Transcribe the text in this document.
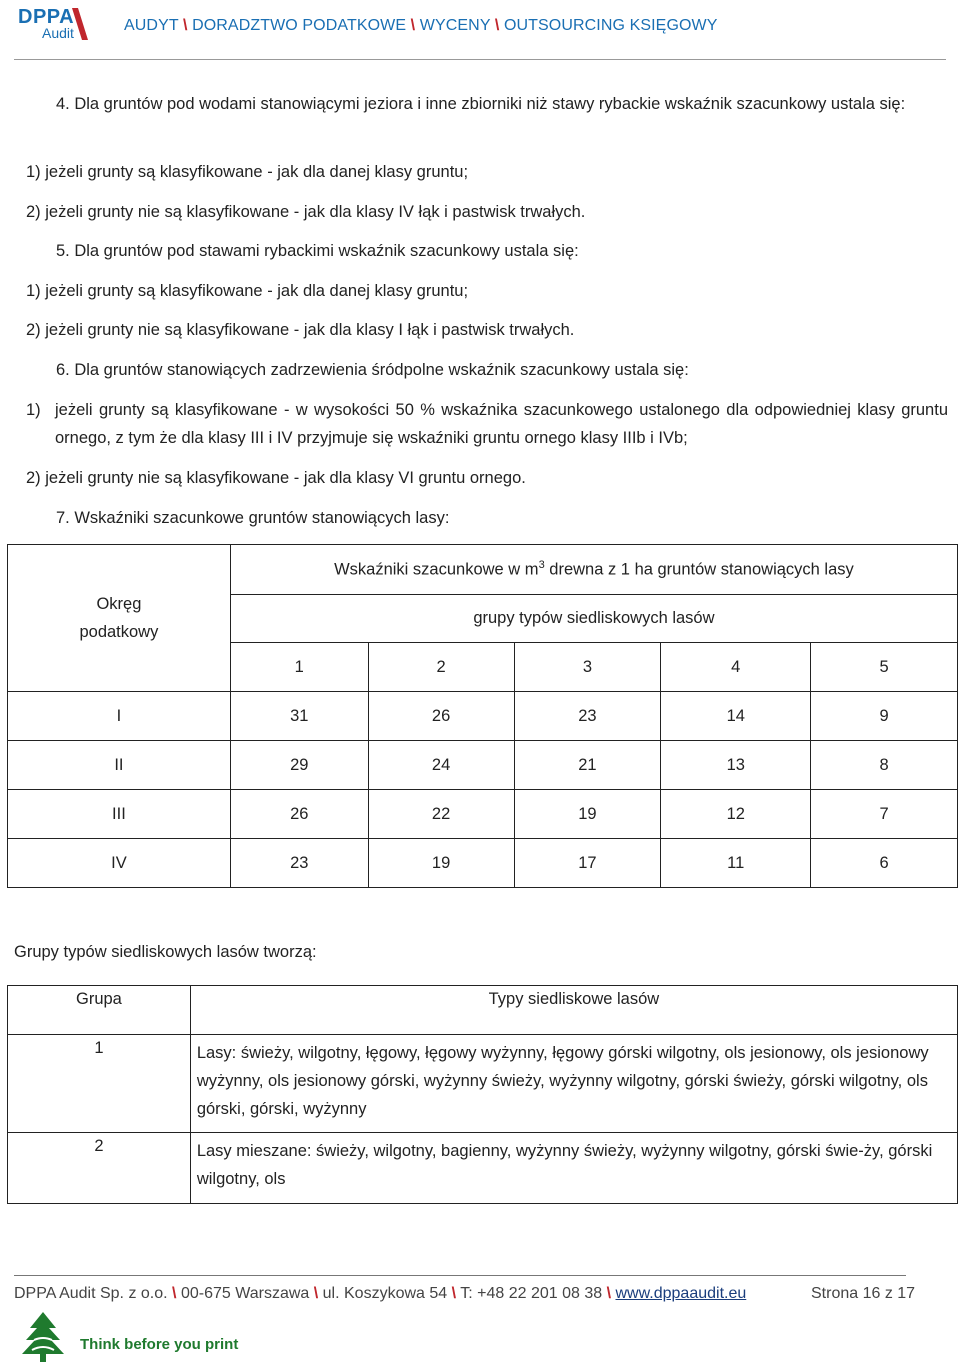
DPPA
Audit	AUDYT \ DORADZTWO PODATKOWE \ WYCENY \ OUTSOURCING KSIĘGOWY
4. Dla gruntów pod wodami stanowiącymi jeziora i inne zbiorniki niż stawy rybackie wskaźnik szacunkowy ustala się:
1) jeżeli grunty są klasyfikowane - jak dla danej klasy gruntu;
2) jeżeli grunty nie są klasyfikowane - jak dla klasy IV łąk i pastwisk trwałych.
5. Dla gruntów pod stawami rybackimi wskaźnik szacunkowy ustala się:
1) jeżeli grunty są klasyfikowane - jak dla danej klasy gruntu;
2) jeżeli grunty nie są klasyfikowane - jak dla klasy I łąk i pastwisk trwałych.
6. Dla gruntów stanowiących zadrzewienia śródpolne wskaźnik szacunkowy ustala się:
1) jeżeli grunty są klasyfikowane - w wysokości 50 % wskaźnika szacunkowego ustalonego dla odpowiedniej klasy gruntu ornego, z tym że dla klasy III i IV przyjmuje się wskaźniki gruntu ornego klasy IIIb i IVb;
2) jeżeli grunty nie są klasyfikowane - jak dla klasy VI gruntu ornego.
7. Wskaźniki szacunkowe gruntów stanowiących lasy:
Okręg podatkowy	Wskaźniki szacunkowe w $m^3$ drewna z 1 ha gruntów stanowiących lasy				
	grupy typów siedliskowych lasów				
	1	2	3	4	5
I	31	26	23	14	9
II	29	24	21	13	8
III	26	22	19	12	7
IV	23	19	17	11	6
Grupy typów siedliskowych lasów tworzą:
Grupa	Typy siedliskowe lasów
1	Lasy: świeży, wilgotny, łęgowy, łęgowy wyżynny, łęgowy górski wilgotny, ols jesionowy, ols jesionowy wyżynny, ols jesionowy górski, wyżynny świeży, wyżynny wilgotny, górski świeży, górski wilgotny, ols górski, górski, wyżynny
2	Lasy mieszane: świeży, wilgotny, bagienny, wyżynny świeży, wyżynny wilgotny, górski świe-ży, górski wilgotny, ols
DPPA Audit Sp. z o.o. \ 00-675 Warszawa \ ul. Koszykowa 54 \ T: +48 22 201 08 38 \ www.dppaaudit.eu	Strona 16 z 17
Think before you print
